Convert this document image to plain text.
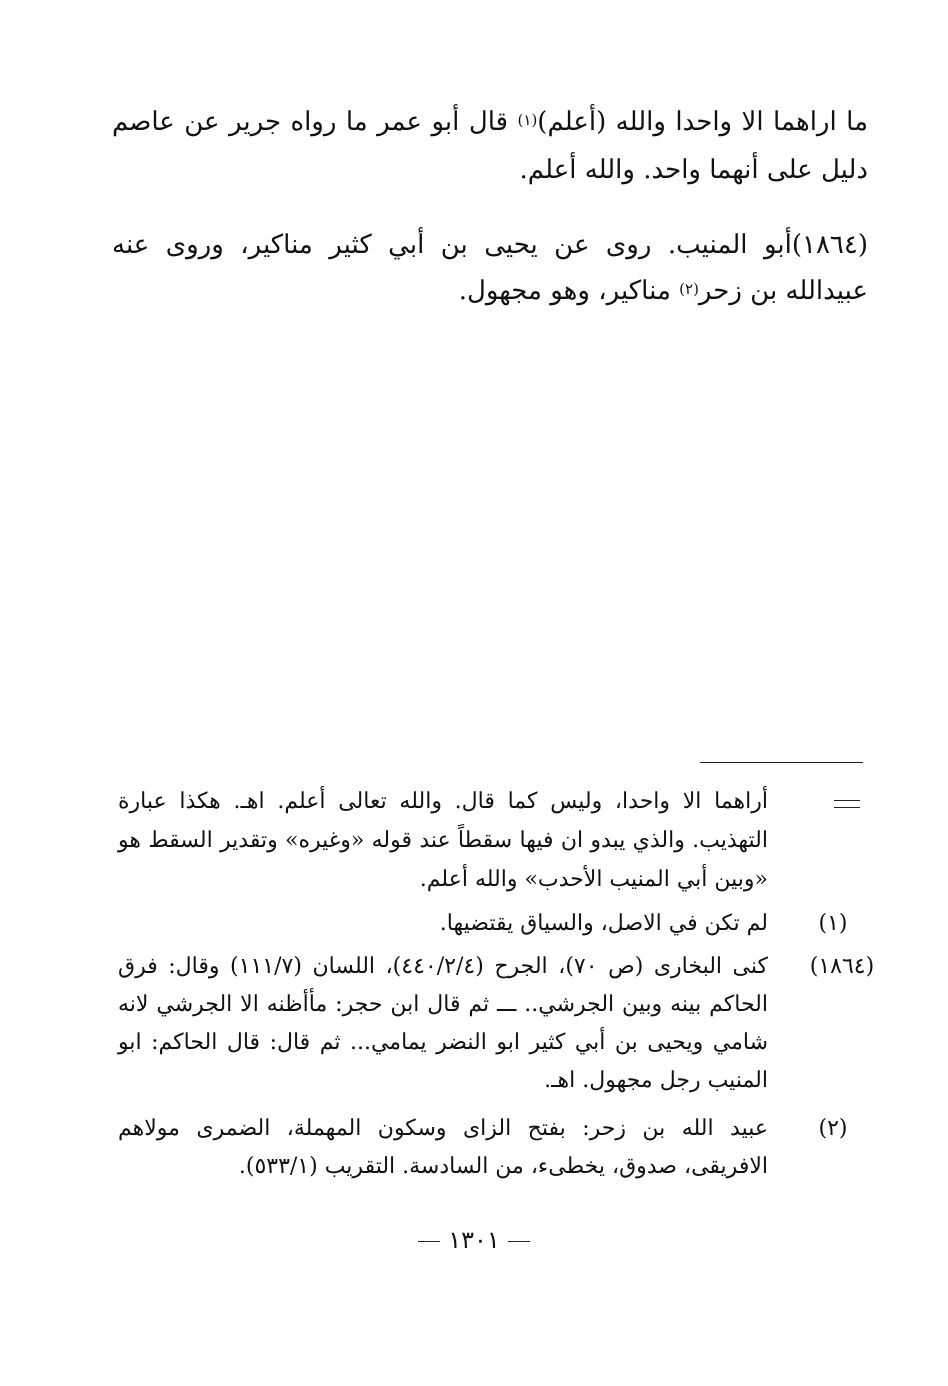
ما اراهما الا واحدا والله (أعلم)$^{(١)}$ قال أبو عمر ما رواه جرير عن عاصم دليل على أنهما واحد. والله أعلم.

(١٨٦٤)أبو المنيب. روى عن يحيى بن أبي كثير مناكير، وروى عنه عبيدالله بن زحر$^{(٢)}$ مناكير، وهو مجهول.

أراهما الا واحدا، وليس كما قال. والله تعالى أعلم. اهـ. هكذا عبارة التهذيب. والذي يبدو ان فيها سقطاً عند قوله «وغيره» وتقدير السقط هو «وبين أبي المنيب الأحدب» والله أعلم.
(١)
لم تكن في الاصل، والسياق يقتضيها.
(١٨٦٤)
كنى البخارى (ص ٧٠)، الجرح (٤٤٠/٢/٤)، اللسان (١١١/٧) وقال: فرق الحاكم بينه وبين الجرشي.. ـــ ثم قال ابن حجر: مأأظنه الا الجرشي لانه شامي ويحيى بن أبي كثير ابو النضر يمامي... ثم قال: قال الحاكم: ابو المنيب رجل مجهول. اهـ.
(٢)
عبيد الله بن زحر: بفتح الزاى وسكون المهملة، الضمرى مولاهم الافريقى، صدوق، يخطىء، من السادسة. التقريب (٥٣٣/١).
١٣٠١
